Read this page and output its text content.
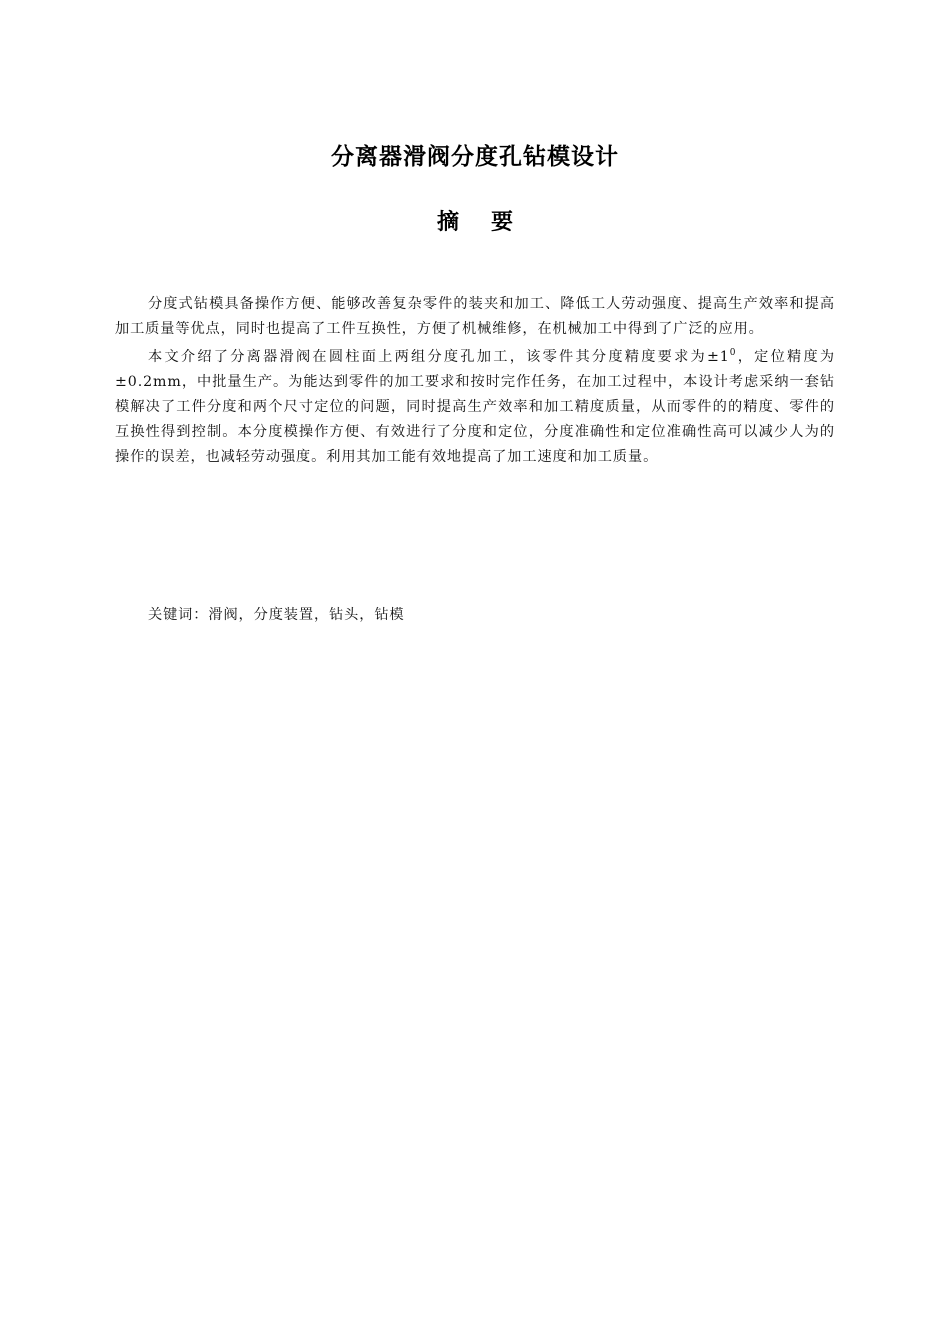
分离器滑阀分度孔钻模设计
摘要

分度式钻模具备操作方便、能够改善复杂零件的装夹和加工、降低工人劳动强度、提高生产效率和提高加工质量等优点，同时也提高了工件互换性，方便了机械维修，在机械加工中得到了广泛的应用。

本文介绍了分离器滑阀在圆柱面上两组分度孔加工，该零件其分度精度要求为$\pm 1^0$，定位精度为±0.2mm，中批量生产。为能达到零件的加工要求和按时完作任务，在加工过程中，本设计考虑采纳一套钻模解决了工件分度和两个尺寸定位的问题，同时提高生产效率和加工精度质量，从而零件的的精度、零件的互换性得到控制。本分度模操作方便、有效进行了分度和定位，分度准确性和定位准确性高可以减少人为的操作的误差，也减轻劳动强度。利用其加工能有效地提高了加工速度和加工质量。

关键词：滑阀，分度装置，钻头，钻模
